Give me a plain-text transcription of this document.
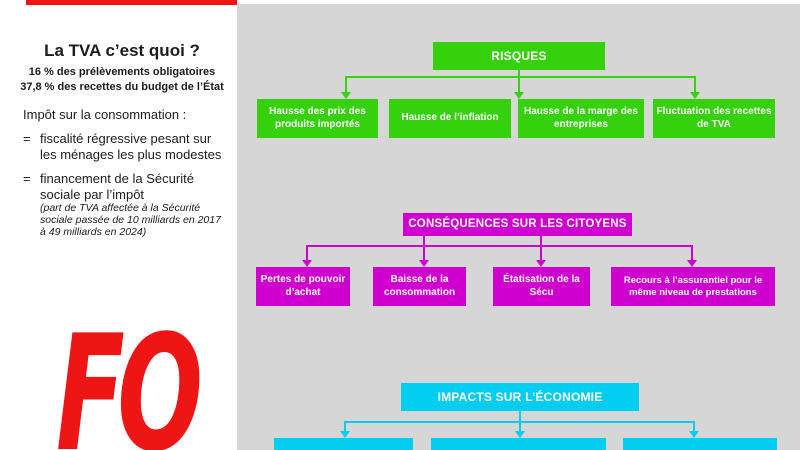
La TVA c’est quoi ?
16 % des prélèvements obligatoires
37,8 % des recettes du budget de l’État
Impôt sur la consommation :
= fiscalité régressive pesant sur
les ménages les plus modestes
= financement de la Sécurité
sociale par l’impôt
(part de TVA affectée à la Sécurité
sociale passée de 10 milliards en 2017
à 49 milliards en 2024)
FO
RISQUES
Hausse des prix des produits importés
Hausse de l’inflation
Hausse de la marge des entreprises
Fluctuation des recettes de TVA
CONSÉQUENCES SUR LES CITOYENS
Pertes de pouvoir d’achat
Baisse de la consommation
Étatisation de la Sécu
Recours à l’assurantiel pour le même niveau de prestations
IMPACTS SUR L’ÉCONOMIE
